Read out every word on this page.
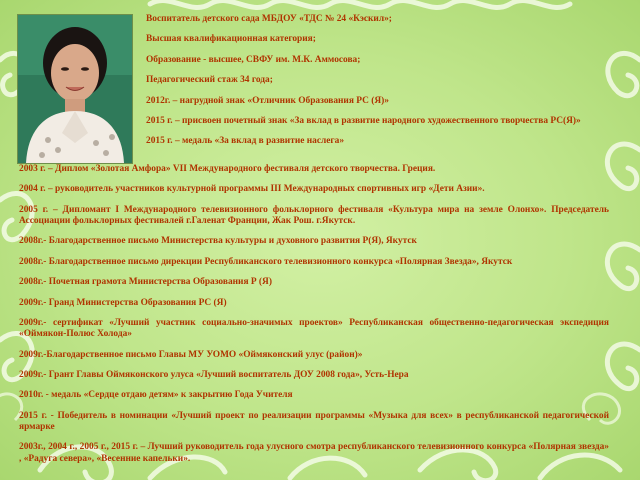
Воспитатель детского сада МБДОУ «ТДС № 24 «Кэскил»;

Высшая квалификационная категория;

Образование - высшее, СВФУ им. М.К. Аммосова;

Педагогический стаж 34 года;

2012г. – нагрудной знак «Отличник Образования РС (Я)»

2015 г. – присвоен почетный знак «За вклад в развитие народного художественного творчества РС(Я)»

2015 г. – медаль «За вклад в развитие наслега»

2003 г. – Диплом «Золотая Амфора» VII Международного фестиваля детского творчества. Греция.

2004 г. – руководитель участников культурной программы III Международных спортивных игр «Дети Азии».

2005 г. – Дипломант I Международного телевизионного фольклорного фестиваля «Культура мира на земле Олонхо». Председатель Ассоциации фольклорных фестивалей г.Галенат Франции, Жак Рош. г.Якутск.

2008г.- Благодарственное письмо Министерства культуры и духовного развития Р(Я), Якутск

2008г.- Благодарственное письмо дирекции Республиканского телевизионного конкурса «Полярная Звезда», Якутск

2008г.- Почетная грамота Министерства Образования Р (Я)

2009г.- Гранд Министерства Образования РС (Я)

2009г.- сертификат «Лучший участник социально-значимых проектов» Республиканская общественно-педагогическая экспедиция «Оймякон-Полюс Холода»

2009г.-Благодарственное письмо Главы МУ УОМО «Оймяконский улус (район)»

2009г.- Грант Главы Оймяконского улуса «Лучший воспитатель ДОУ 2008 года», Усть-Нера

2010г. - медаль «Сердце отдаю детям» к закрытию Года Учителя

2015 г. - Победитель в номинации «Лучший проект по реализации программы «Музыка для всех» в республиканской педагогической ярмарке

2003г., 2004 г., 2005 г., 2015 г. – Лучший руководитель года улусного смотра республиканского телевизионного конкурса «Полярная звезда» , «Радуга севера», «Весенние капельки».
